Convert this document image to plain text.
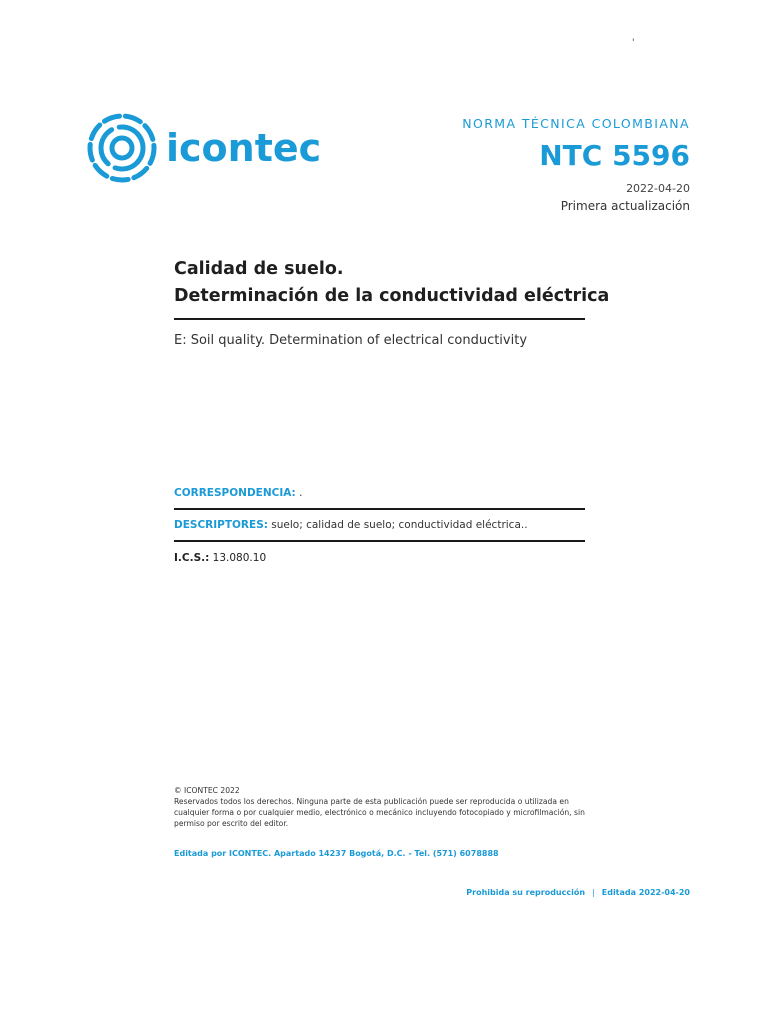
'
icontec
NORMA TÉCNICA COLOMBIANA
NTC 5596
2022-04-20
Primera actualización
Calidad de suelo.
Determinación de la conductividad eléctrica
E: Soil quality. Determination of electrical conductivity
CORRESPONDENCIA: .
DESCRIPTORES: suelo; calidad de suelo; conductividad eléctrica..
I.C.S.: 13.080.10
© ICONTEC 2022
Reservados todos los derechos. Ninguna parte de esta publicación puede ser reproducida o utilizada en cualquier forma o por cualquier medio, electrónico o mecánico incluyendo fotocopiado y microfilmación, sin permiso por escrito del editor.
Editada por ICONTEC. Apartado 14237 Bogotá, D.C. - Tel. (571) 6078888
Prohibida su reproducción | Editada 2022-04-20
